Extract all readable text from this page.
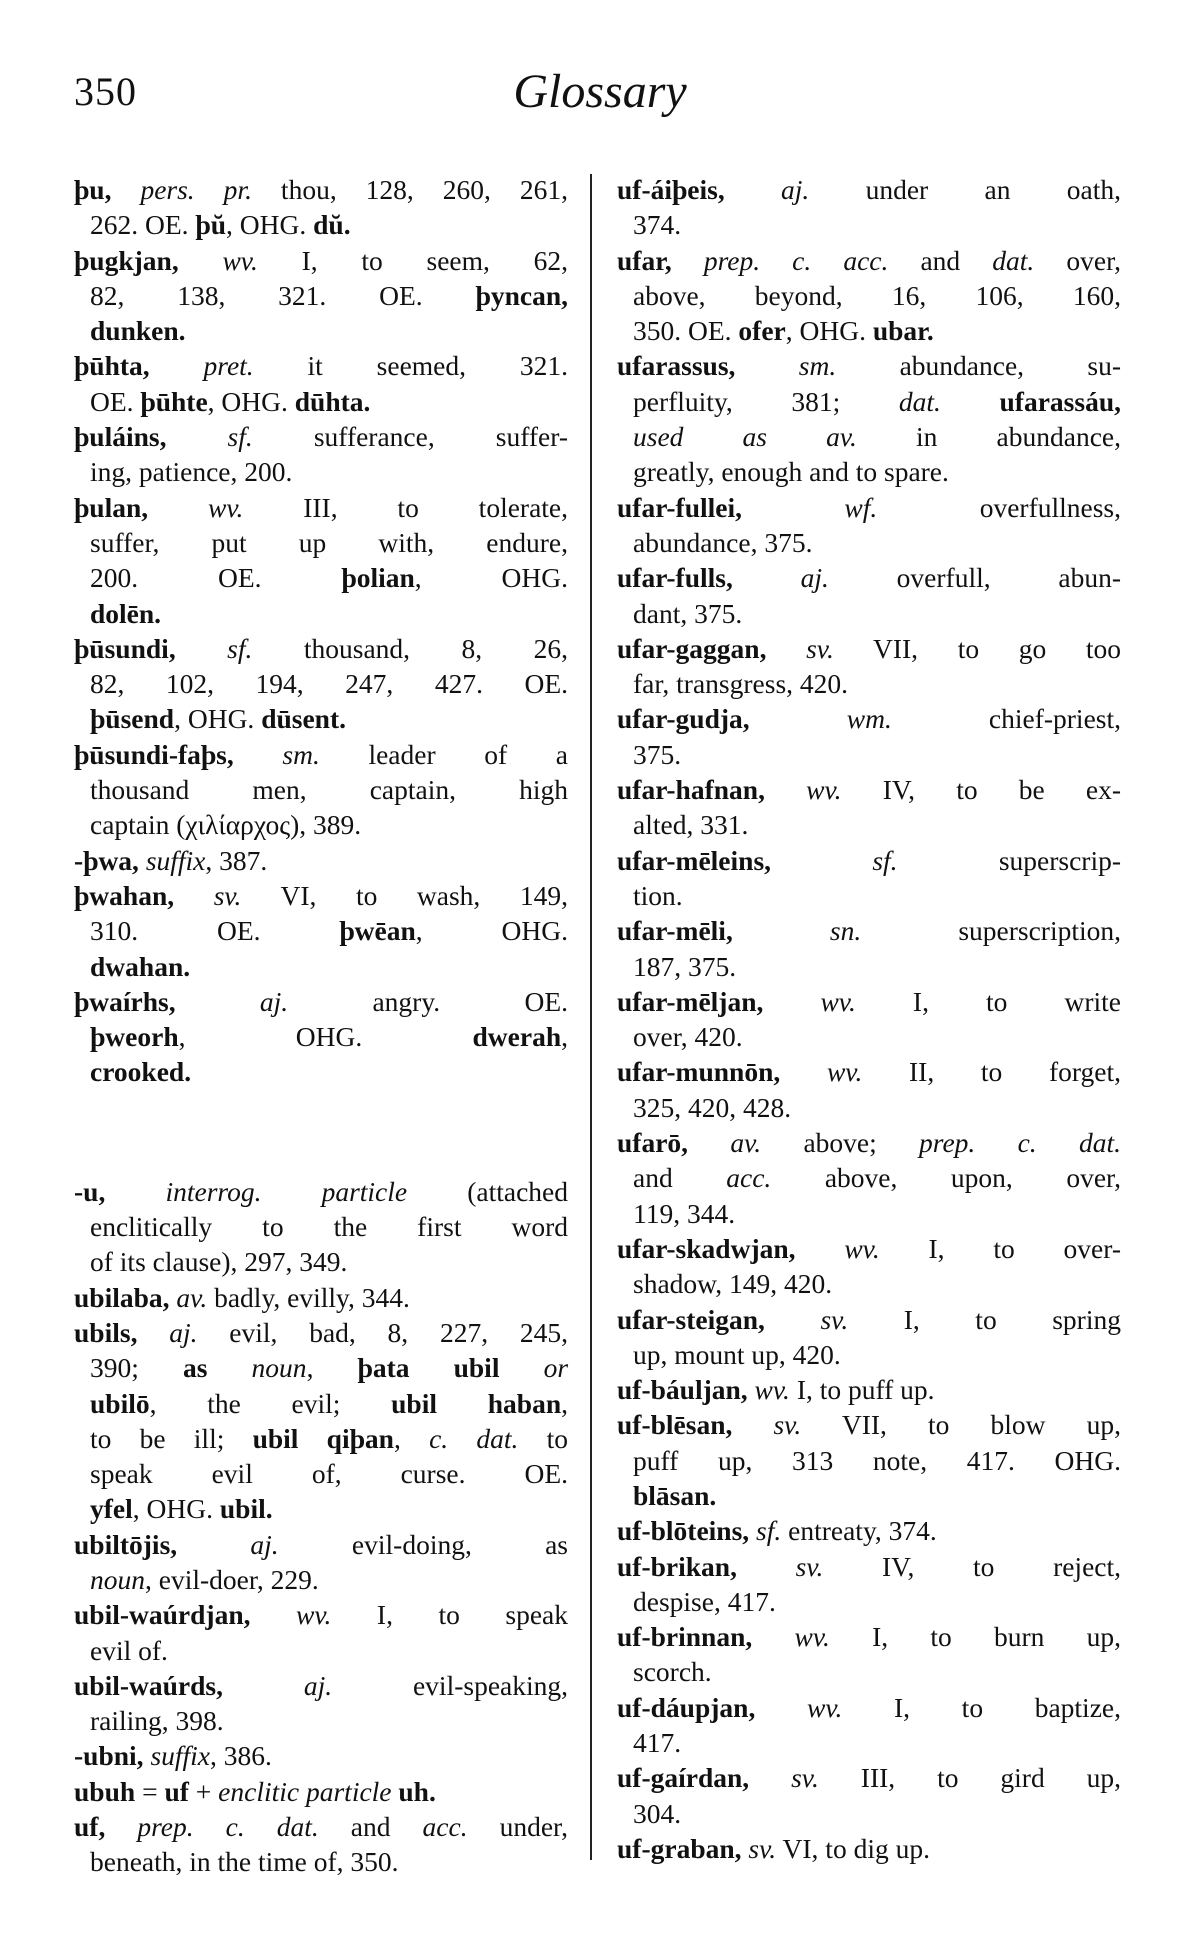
350	Glossary
þu, pers. pr. thou, 128, 260, 261,
262. OE. þŭ, OHG. dŭ.
þugkjan, wv. I, to seem, 62,
82, 138, 321. OE. þyncan,
dunken.
þūhta, pret. it seemed, 321.
OE. þūhte, OHG. dūhta.
þuláins, sf. sufferance, suffer-
ing, patience, 200.
þulan, wv. III, to tolerate,
suffer, put up with, endure,
200. OE. þolian, OHG.
dolēn.
þūsundi, sf. thousand, 8, 26,
82, 102, 194, 247, 427. OE.
þūsend, OHG. dūsent.
þūsundi-faþs, sm. leader of a
thousand men, captain, high
captain (χιλίαρχος), 389.
-þwa, suffix, 387.
þwahan, sv. VI, to wash, 149,
310. OE. þwēan, OHG.
dwahan.
þwaírhs, aj. angry. OE.
þweorh, OHG. dwerah,
crooked.
-u, interrog. particle (attached
enclitically to the first word
of its clause), 297, 349.
ubilaba, av. badly, evilly, 344.
ubils, aj. evil, bad, 8, 227, 245,
390; as noun, þata ubil or
ubilō, the evil; ubil haban,
to be ill; ubil qiþan, c. dat. to
speak evil of, curse. OE.
yfel, OHG. ubil.
ubiltōjis, aj. evil-doing, as
noun, evil-doer, 229.
ubil-waúrdjan, wv. I, to speak
evil of.
ubil-waúrds, aj. evil-speaking,
railing, 398.
-ubni, suffix, 386.
ubuh = uf + enclitic particle uh.
uf, prep. c. dat. and acc. under,
beneath, in the time of, 350.
uf-áiþeis, aj. under an oath,
374.
ufar, prep. c. acc. and dat. over,
above, beyond, 16, 106, 160,
350. OE. ofer, OHG. ubar.
ufarassus, sm. abundance, su-
perfluity, 381; dat. ufarassáu,
used as av. in abundance,
greatly, enough and to spare.
ufar-fullei, wf. overfullness,
abundance, 375.
ufar-fulls, aj. overfull, abun-
dant, 375.
ufar-gaggan, sv. VII, to go too
far, transgress, 420.
ufar-gudja, wm. chief-priest,
375.
ufar-hafnan, wv. IV, to be ex-
alted, 331.
ufar-mēleins, sf. superscrip-
tion.
ufar-mēli, sn. superscription,
187, 375.
ufar-mēljan, wv. I, to write
over, 420.
ufar-munnōn, wv. II, to forget,
325, 420, 428.
ufarō, av. above; prep. c. dat.
and acc. above, upon, over,
119, 344.
ufar-skadwjan, wv. I, to over-
shadow, 149, 420.
ufar-steigan, sv. I, to spring
up, mount up, 420.
uf-báuljan, wv. I, to puff up.
uf-blēsan, sv. VII, to blow up,
puff up, 313 note, 417. OHG.
blāsan.
uf-blōteins, sf. entreaty, 374.
uf-brikan, sv. IV, to reject,
despise, 417.
uf-brinnan, wv. I, to burn up,
scorch.
uf-dáupjan, wv. I, to baptize,
417.
uf-gaírdan, sv. III, to gird up,
304.
uf-graban, sv. VI, to dig up.
